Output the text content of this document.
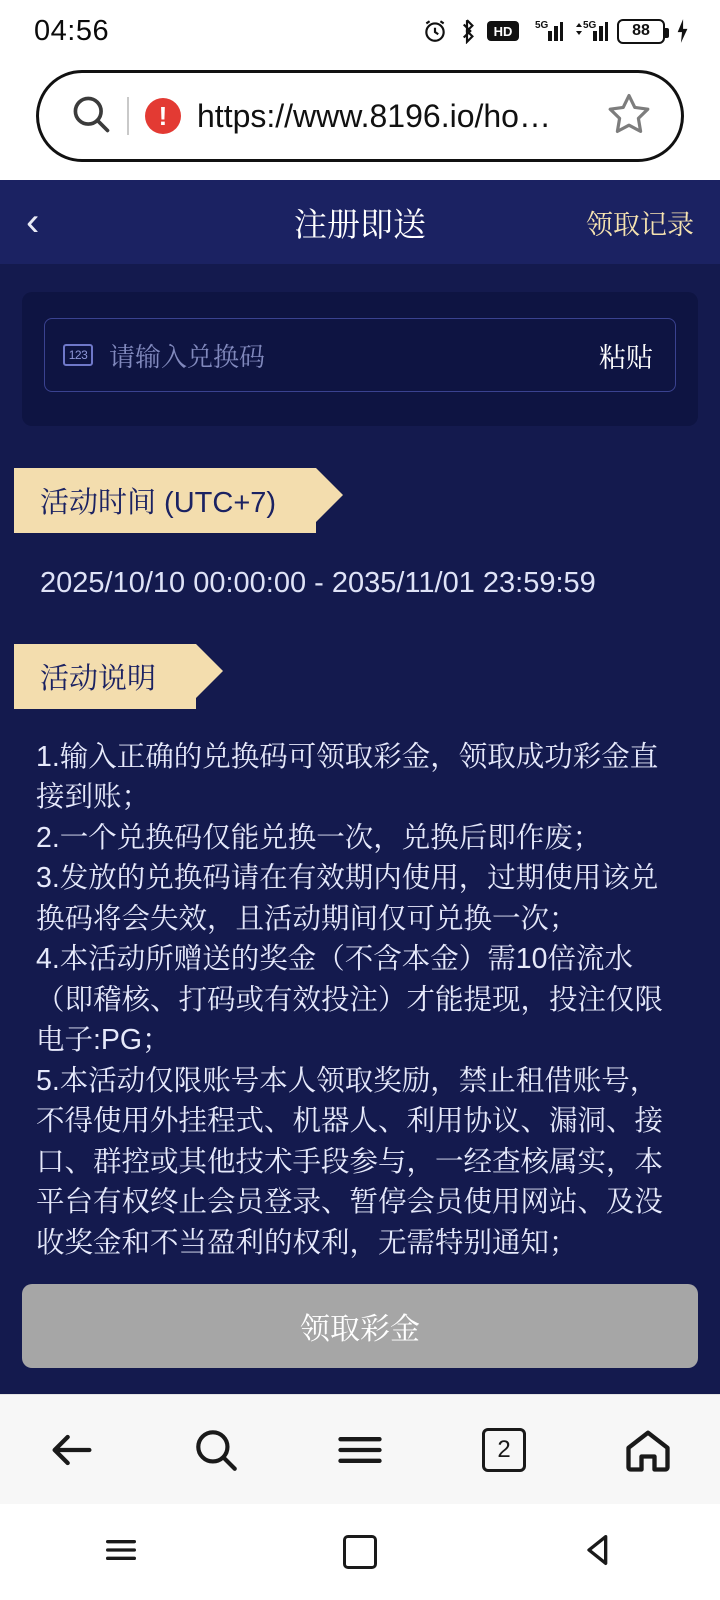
04:56	HD 5G	5G 88
! https://www.8196.io/ho…
‹	注册即送	领取记录
123 请输入兑换码	粘贴
活动时间 (UTC+7)
2025/10/10 00:00:00 - 2035/11/01 23:59:59
活动说明

1.输入正确的兑换码可领取彩金，领取成功彩金直接到账；

2.一个兑换码仅能兑换一次，兑换后即作废；

3.发放的兑换码请在有效期内使用，过期使用该兑换码将会失效，且活动期间仅可兑换一次；

4.本活动所赠送的奖金（不含本金）需10倍流水（即稽核、打码或有效投注）才能提现，投注仅限电子:PG；

5.本活动仅限账号本人领取奖励，禁止租借账号，不得使用外挂程式、机器人、利用协议、漏洞、接口、群控或其他技术手段参与，一经查核属实，本平台有权终止会员登录、暂停会员使用网站、及没收奖金和不当盈利的权利，无需特别通知；

领取彩金
2
